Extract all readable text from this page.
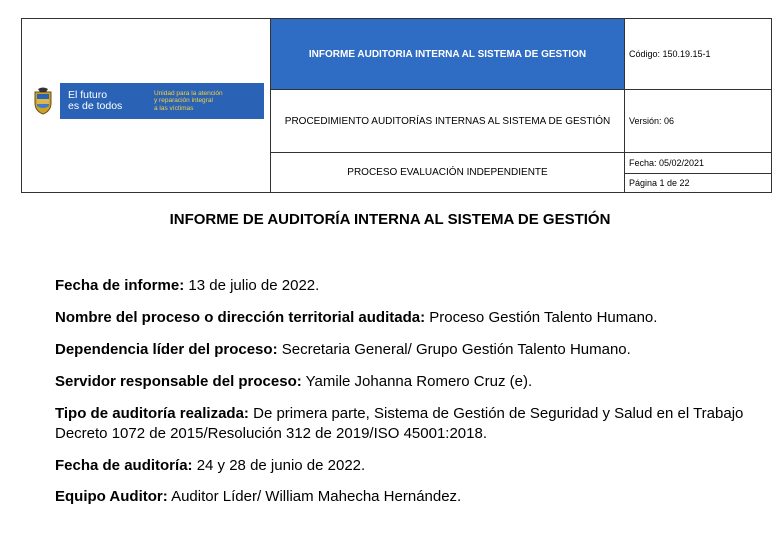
El futuro
es de todos
Unidad para la atención
y reparación integral
a las víctimas	INFORME AUDITORIA INTERNA AL SISTEMA DE GESTION	Código: 150.19.15-1
	PROCEDIMIENTO AUDITORÍAS INTERNAS AL SISTEMA DE GESTIÓN	Versión: 06
	PROCESO EVALUACIÓN INDEPENDIENTE	Fecha: 05/02/2021
		Página 1 de 22
INFORME DE AUDITORÍA INTERNA AL SISTEMA DE GESTIÓN
Fecha de informe: 13 de julio de 2022.
Nombre del proceso o dirección territorial auditada: Proceso Gestión Talento Humano.
Dependencia líder del proceso: Secretaria General/ Grupo Gestión Talento Humano.
Servidor responsable del proceso: Yamile Johanna Romero Cruz (e).
Tipo de auditoría realizada: De primera parte, Sistema de Gestión de Seguridad y Salud en el Trabajo Decreto 1072 de 2015/Resolución 312 de 2019/ISO 45001:2018.
Fecha de auditoría: 24 y 28 de junio de 2022.
Equipo Auditor: Auditor Líder/ William Mahecha Hernández.
